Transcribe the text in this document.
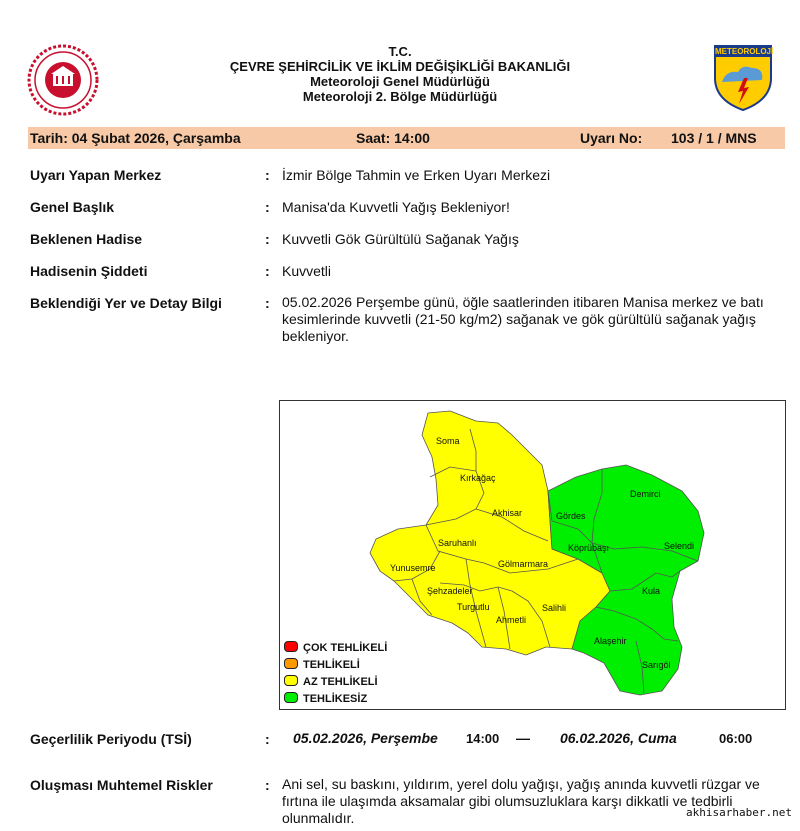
T.C.
ÇEVRE ŞEHİRCİLİK VE İKLİM DEĞİŞİKLİĞİ BAKANLIĞI
Meteoroloji Genel Müdürlüğü
Meteoroloji 2. Bölge Müdürlüğü
METEOROLOJİ
Tarih: 04 Şubat 2026, Çarşamba	Saat: 14:00	Uyarı No: 103 / 1 / MNS
Uyarı Yapan Merkez	: İzmir Bölge Tahmin ve Erken Uyarı Merkezi
Genel Başlık	: Manisa'da Kuvvetli Yağış Bekleniyor!
Beklenen Hadise	: Kuvvetli Gök Gürültülü Sağanak Yağış
Hadisenin Şiddeti	: Kuvvetli
Beklendiği Yer ve Detay Bilgi	: 05.02.2026 Perşembe günü, öğle saatlerinden itibaren Manisa merkez ve batı kesimlerinde kuvvetli (21-50 kg/m2) sağanak ve gök gürültülü sağanak yağış bekleniyor.
Soma
Kırkağaç
Akhisar	Gördes
Demirci
Selendi
Saruhanlı	Köprübaşı
Yunusemre	Gölmarmara
Şehzadeler
Turgutlu	Salihli
Ahmetli
Kula
Alaşehir
Sarıgöl
ÇOK TEHLİKELİ
TEHLİKELİ
AZ TEHLİKELİ
TEHLİKESİZ
Geçerlilik Periyodu (TSİ)	: 05.02.2026, Perşembe 14:00 — 06.02.2026, Cuma	06:00
Oluşması Muhtemel Riskler	: Ani sel, su baskını, yıldırım, yerel dolu yağışı, yağış anında kuvvetli rüzgar ve fırtına ile ulaşımda aksamalar gibi olumsuzluklara karşı dikkatli ve tedbirli olunmalıdır.	akhisarhaber.net
